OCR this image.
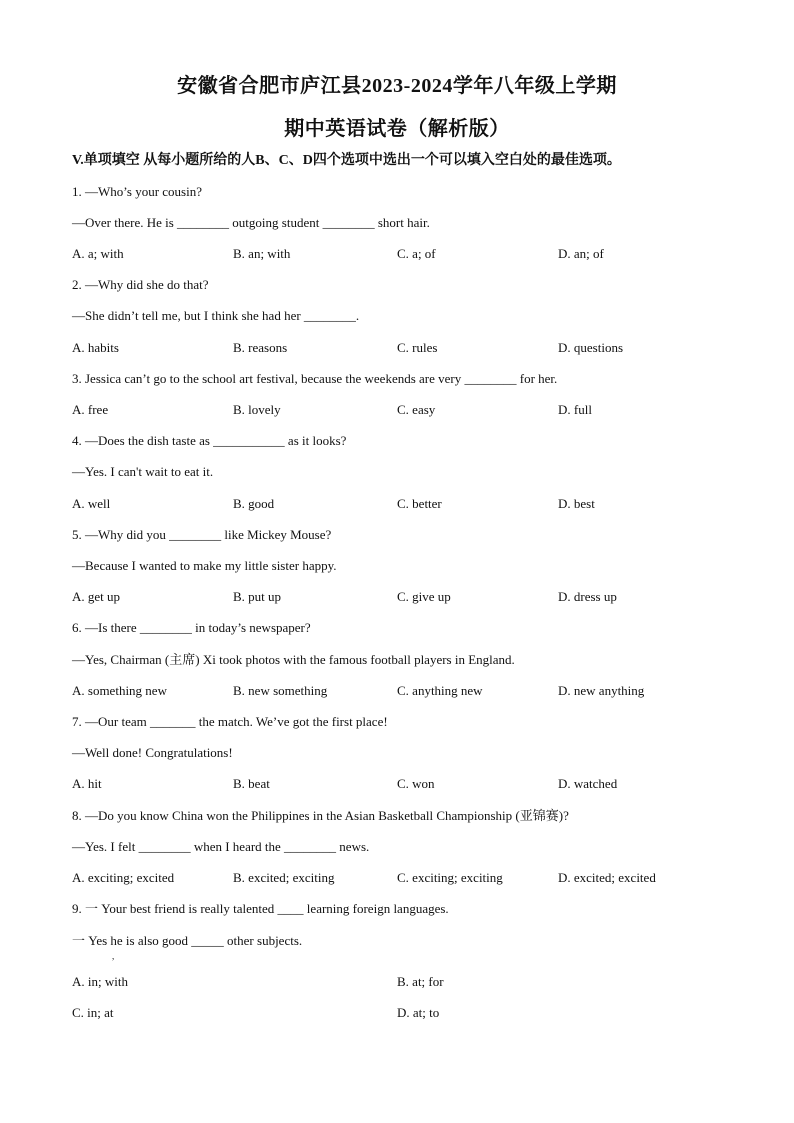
安徽省合肥市庐江县2023-2024学年八年级上学期
期中英语试卷（解析版）
V.单项填空 从每小题所给的人B、C、D四个选项中选出一个可以填入空白处的最佳选项。
1. —Who’s your cousin?
—Over there. He is ________ outgoing student ________ short hair.
A. a; with	B. an; with	C. a; of	D. an; of
2. —Why did she do that?
—She didn’t tell me, but I think she had her ________.
A. habits	B. reasons	C. rules	D. questions
3. Jessica can’t go to the school art festival, because the weekends are very ________ for her.
A. free	B. lovely	C. easy	D. full
4. —Does the dish taste as ___________ as it looks?
—Yes. I can't wait to eat it.
A. well	B. good	C. better	D. best
5. —Why did you ________ like Mickey Mouse?
—Because I wanted to make my little sister happy.
A. get up	B. put up	C. give up	D. dress up
6. —Is there ________ in today’s newspaper?
—Yes, Chairman (主席) Xi took photos with the famous football players in England.
A. something new	B. new something	C. anything new	D. new anything
7. —Our team _______ the match. We’ve got the first place!
—Well done! Congratulations!
A. hit	B. beat	C. won	D. watched
8. —Do you know China won the Philippines in the Asian Basketball Championship (亚锦赛)?
—Yes. I felt ________ when I heard the ________ news.
A. exciting; excited	B. excited; exciting	C. exciting; exciting	D. excited; excited
9. 一 Your best friend is really talented ____ learning foreign languages.
一 Yes he is also good _____ other subjects.
,
A. in; with	B. at; for
C. in; at	D. at; to
